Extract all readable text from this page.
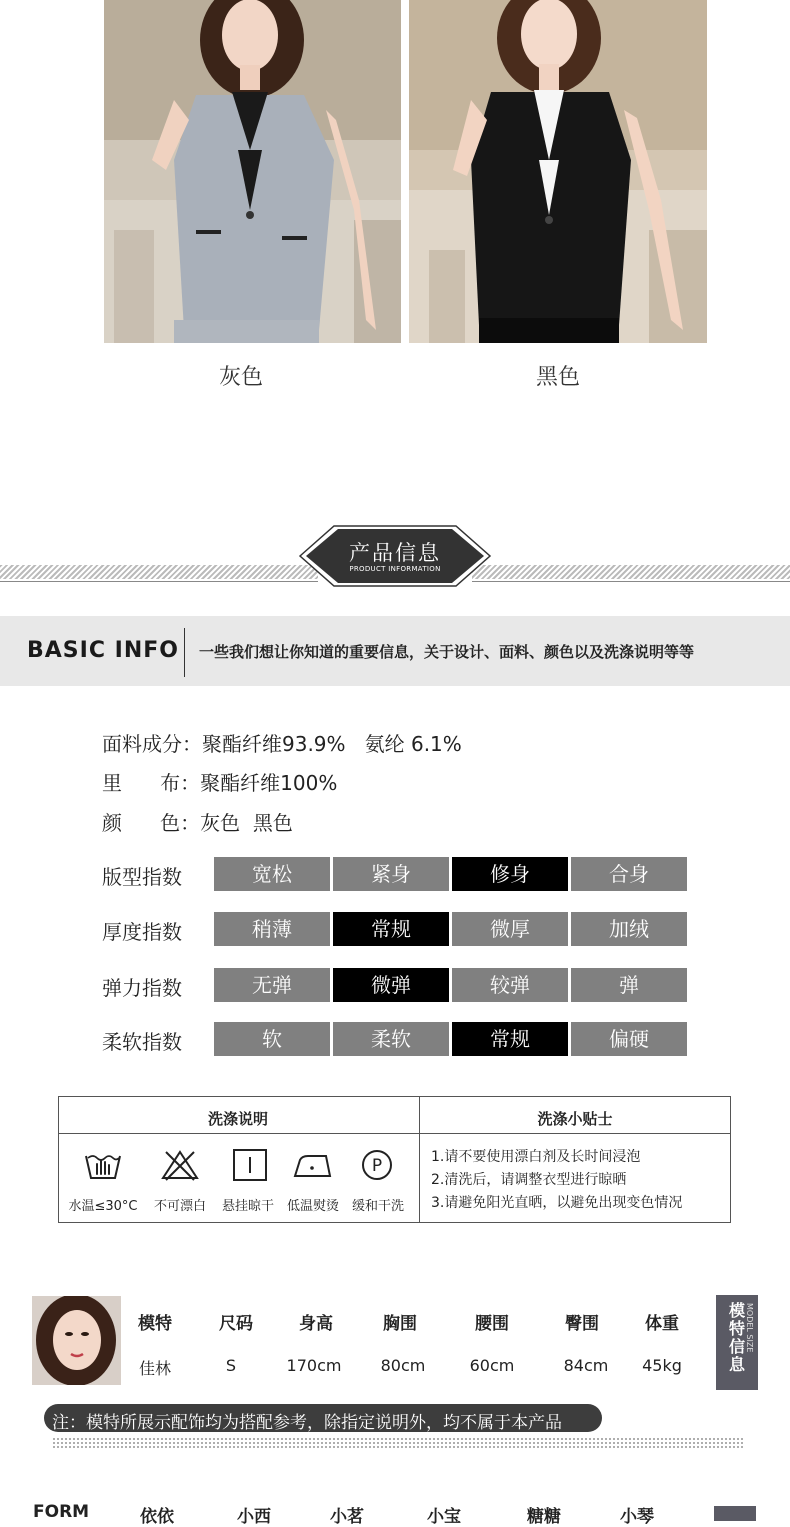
灰色	黑色
产品信息
PRODUCT INFORMATION
BASIC INFO 一些我们想让你知道的重要信息，关于设计、面料、颜色以及洗涤说明等等
面料成分：聚酯纤维93.9%   氨纶 6.1%
里      布：聚酯纤维100%
颜      色：灰色  黑色
版型指数	宽松	紧身	修身	合身
厚度指数	稍薄	常规	微厚	加绒
弹力指数	无弹	微弹	较弹	弹
柔软指数	软	柔软	常规	偏硬
洗涤说明	洗涤小贴士
P
水温≤30°C	不可漂白	悬挂晾干 低温熨烫 缓和干洗
1.请不要使用漂白剂及长时间浸泡
2.清洗后，请调整衣型进行晾晒
3.请避免阳光直晒，以避免出现变色情况
模特	尺码	身高	胸围	腰围	臀围	体重
佳林	S	170cm	80cm	60cm	84cm	45kg
模特信息
MODEL SIZE
注：模特所展示配饰均为搭配参考，除指定说明外，均不属于本产品
FORM	依依	小西	小茗	小宝	糖糖	小琴
